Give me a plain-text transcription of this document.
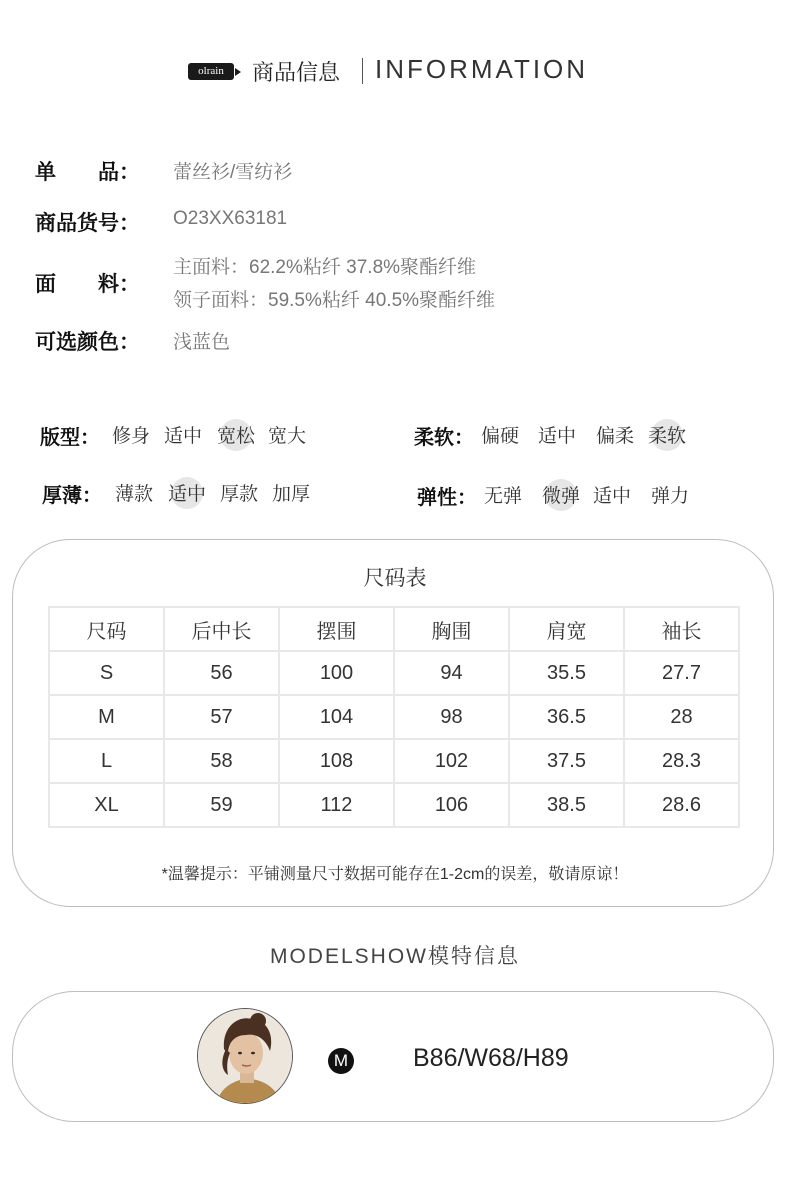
olrain	商品信息 INFORMATION
单　　品： 蕾丝衫/雪纺衫
商品货号： O23XX63181
面　　料：
主面料：62.2%粘纤 37.8%聚酯纤维
领子面料：59.5%粘纤 40.5%聚酯纤维
可选颜色： 浅蓝色
版型： 修身 适中 宽松 宽大	柔软： 偏硬 适中 偏柔 柔软
厚薄： 薄款 适中 厚款 加厚	弹性： 无弹 微弹 适中 弹力
尺码表
尺码	后中长	摆围	胸围	肩宽	袖长
S	56	100	94	35.5	27.7
M	57	104	98	36.5	28
L	58	108	102	37.5	28.3
XL	59	112	106	38.5	28.6
*温馨提示：平铺测量尺寸数据可能存在1-2cm的误差，敬请原谅！
MODELSHOW模特信息
M	B86/W68/H89
